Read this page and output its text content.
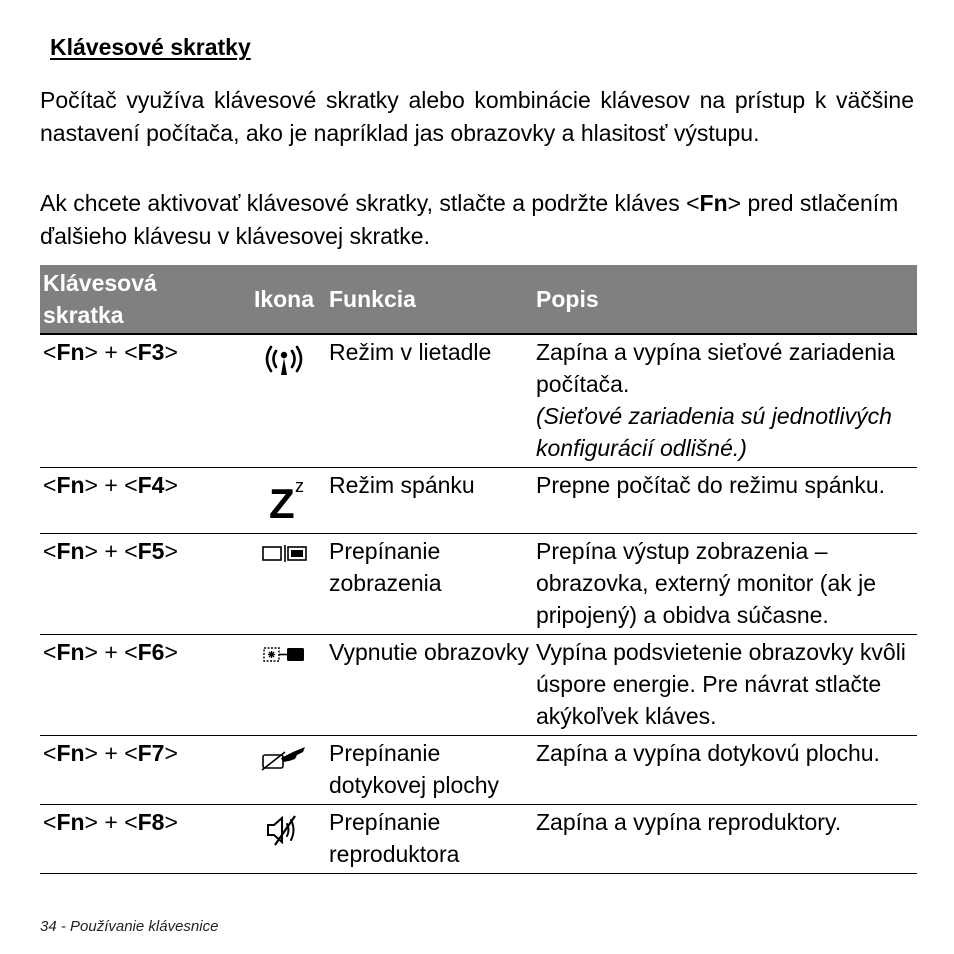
Klávesové skratky

Počítač využíva klávesové skratky alebo kombinácie klávesov na prístup k väčšine nastavení počítača, ako je napríklad jas obrazovky a hlasitosť výstupu.

Ak chcete aktivovať klávesové skratky, stlačte a podržte kláves <Fn> pred stlačením ďalšieho klávesu v klávesovej skratke.

Klávesová skratka	Ikona	Funkcia	Popis
<Fn> + <F3>		Režim v lietadle	Zapína a vypína sieťové zariadenia počítača.
(Sieťové zariadenia sú jednotlivých konfigurácií odlišné.)

<Fn> + <F4>	Z z	Režim spánku	Prepne počítač do režimu spánku.
<Fn> + <F5>		Prepínanie zobrazenia	Prepína výstup zobrazenia – obrazovka, externý monitor (ak je pripojený) a obidva súčasne.
<Fn> + <F6>		Vypnutie obrazovky	Vypína podsvietenie obrazovky kvôli úspore energie. Pre návrat stlačte akýkoľvek kláves.
<Fn> + <F7>		Prepínanie dotykovej plochy	Zapína a vypína dotykovú plochu.
<Fn> + <F8>		Prepínanie reproduktora	Zapína a vypína reproduktory.
34 - Používanie klávesnice
